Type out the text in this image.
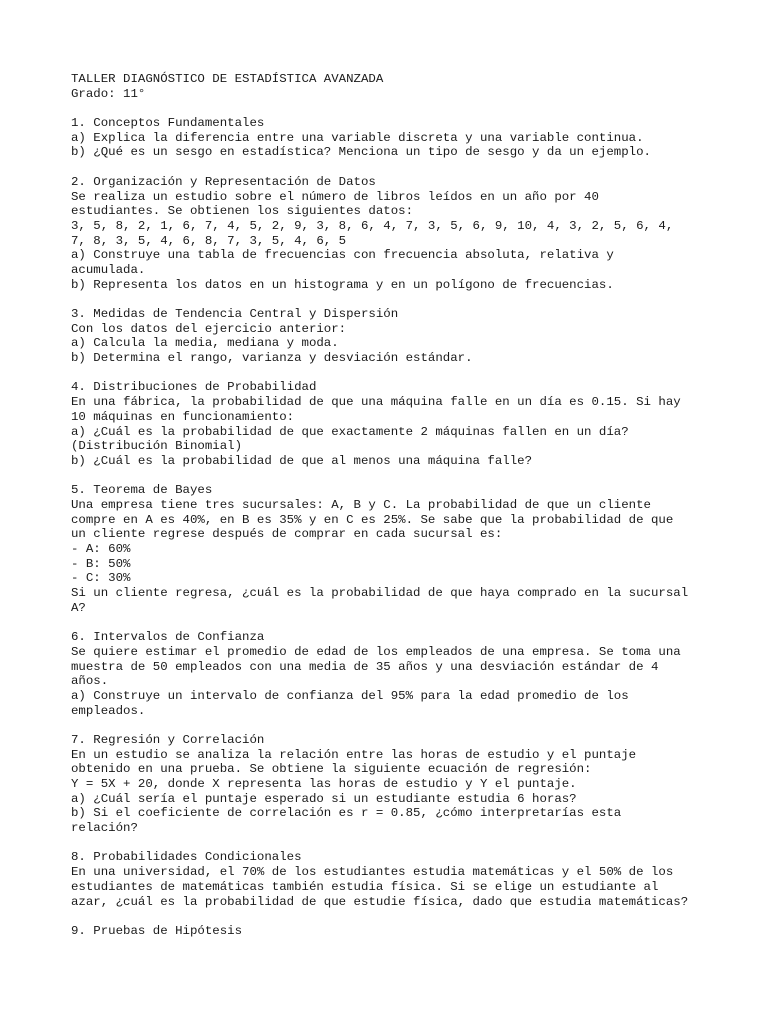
TALLER DIAGNÓSTICO DE ESTADÍSTICA AVANZADA
Grado: 11°
1. Conceptos Fundamentales
a) Explica la diferencia entre una variable discreta y una variable continua.
b) ¿Qué es un sesgo en estadística? Menciona un tipo de sesgo y da un ejemplo.
2. Organización y Representación de Datos
Se realiza un estudio sobre el número de libros leídos en un año por 40
estudiantes. Se obtienen los siguientes datos:
3, 5, 8, 2, 1, 6, 7, 4, 5, 2, 9, 3, 8, 6, 4, 7, 3, 5, 6, 9, 10, 4, 3, 2, 5, 6, 4,
7, 8, 3, 5, 4, 6, 8, 7, 3, 5, 4, 6, 5
a) Construye una tabla de frecuencias con frecuencia absoluta, relativa y
acumulada.
b) Representa los datos en un histograma y en un polígono de frecuencias.
3. Medidas de Tendencia Central y Dispersión
Con los datos del ejercicio anterior:
a) Calcula la media, mediana y moda.
b) Determina el rango, varianza y desviación estándar.
4. Distribuciones de Probabilidad
En una fábrica, la probabilidad de que una máquina falle en un día es 0.15. Si hay
10 máquinas en funcionamiento:
a) ¿Cuál es la probabilidad de que exactamente 2 máquinas fallen en un día?
(Distribución Binomial)
b) ¿Cuál es la probabilidad de que al menos una máquina falle?
5. Teorema de Bayes
Una empresa tiene tres sucursales: A, B y C. La probabilidad de que un cliente
compre en A es 40%, en B es 35% y en C es 25%. Se sabe que la probabilidad de que
un cliente regrese después de comprar en cada sucursal es:
- A: 60%
- B: 50%
- C: 30%
Si un cliente regresa, ¿cuál es la probabilidad de que haya comprado en la sucursal
A?
6. Intervalos de Confianza
Se quiere estimar el promedio de edad de los empleados de una empresa. Se toma una
muestra de 50 empleados con una media de 35 años y una desviación estándar de 4
años.
a) Construye un intervalo de confianza del 95% para la edad promedio de los
empleados.
7. Regresión y Correlación
En un estudio se analiza la relación entre las horas de estudio y el puntaje
obtenido en una prueba. Se obtiene la siguiente ecuación de regresión:
Y = 5X + 20, donde X representa las horas de estudio y Y el puntaje.
a) ¿Cuál sería el puntaje esperado si un estudiante estudia 6 horas?
b) Si el coeficiente de correlación es r = 0.85, ¿cómo interpretarías esta
relación?
8. Probabilidades Condicionales
En una universidad, el 70% de los estudiantes estudia matemáticas y el 50% de los
estudiantes de matemáticas también estudia física. Si se elige un estudiante al
azar, ¿cuál es la probabilidad de que estudie física, dado que estudia matemáticas?
9. Pruebas de Hipótesis
